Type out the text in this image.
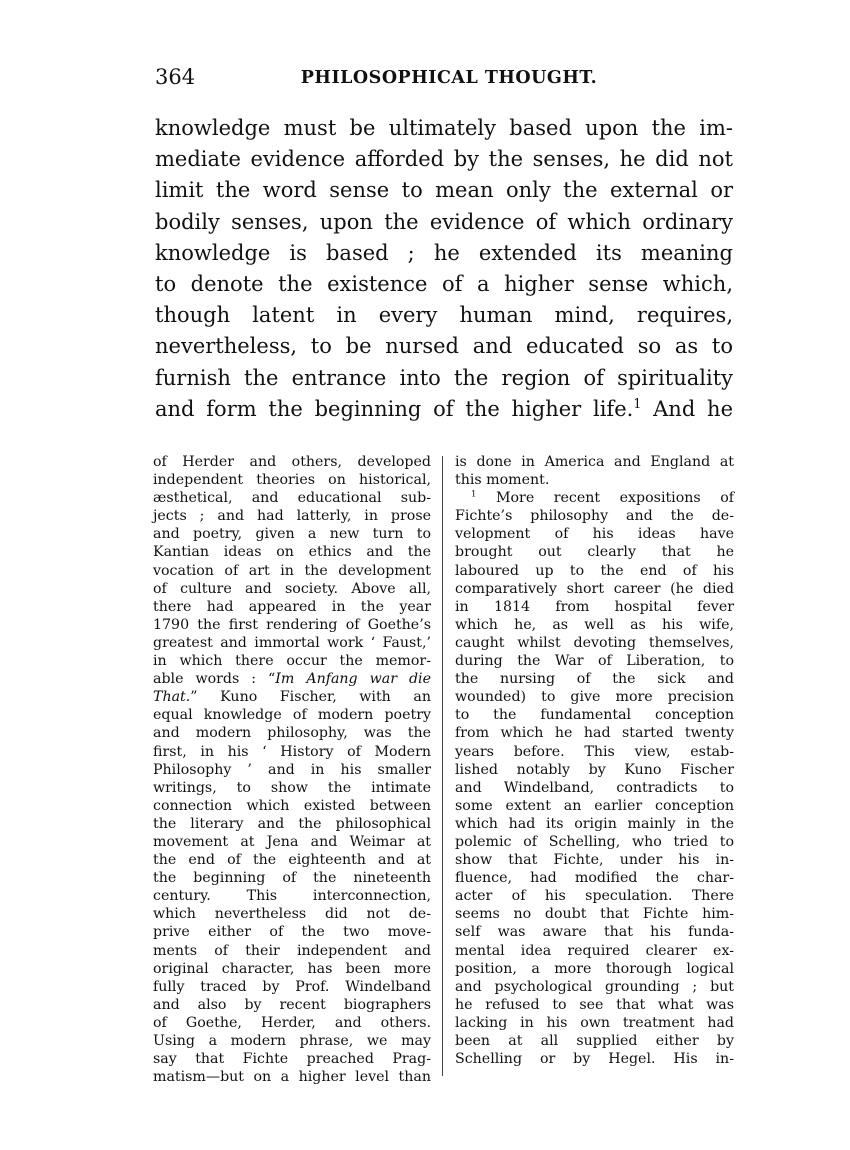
364	PHILOSOPHICAL THOUGHT.
knowledge must be ultimately based upon the im-
mediate evidence afforded by the senses, he did not
limit the word sense to mean only the external or
bodily senses, upon the evidence of which ordinary
knowledge is based ; he extended its meaning
to denote the existence of a higher sense which,
though latent in every human mind, requires,
nevertheless, to be nursed and educated so as to
furnish the entrance into the region of spirituality
and form the beginning of the higher life.$^1$ And he
of Herder and others, developed
independent theories on historical,
æsthetical, and educational sub-
jects ; and had latterly, in prose
and poetry, given a new turn to
Kantian ideas on ethics and the
vocation of art in the development
of culture and society. Above all,
there had appeared in the year
1790 the first rendering of Goethe’s
greatest and immortal work ‘ Faust,’
in which there occur the memor-
able words : “Im Anfang war die
That.” Kuno Fischer, with an
equal knowledge of modern poetry
and modern philosophy, was the
first, in his ‘ History of Modern
Philosophy ’ and in his smaller
writings, to show the intimate
connection which existed between
the literary and the philosophical
movement at Jena and Weimar at
the end of the eighteenth and at
the beginning of the nineteenth
century. This interconnection,
which nevertheless did not de-
prive either of the two move-
ments of their independent and
original character, has been more
fully traced by Prof. Windelband
and also by recent biographers
of Goethe, Herder, and others.
Using a modern phrase, we may
say that Fichte preached Prag-
matism—but on a higher level than
is done in America and England at
this moment.
$^1$ More recent expositions of
Fichte’s philosophy and the de-
velopment of his ideas have
brought out clearly that he
laboured up to the end of his
comparatively short career (he died
in 1814 from hospital fever
which he, as well as his wife,
caught whilst devoting themselves,
during the War of Liberation, to
the nursing of the sick and
wounded) to give more precision
to the fundamental conception
from which he had started twenty
years before. This view, estab-
lished notably by Kuno Fischer
and Windelband, contradicts to
some extent an earlier conception
which had its origin mainly in the
polemic of Schelling, who tried to
show that Fichte, under his in-
fluence, had modified the char-
acter of his speculation. There
seems no doubt that Fichte him-
self was aware that his funda-
mental idea required clearer ex-
position, a more thorough logical
and psychological grounding ; but
he refused to see that what was
lacking in his own treatment had
been at all supplied either by
Schelling or by Hegel. His in-
